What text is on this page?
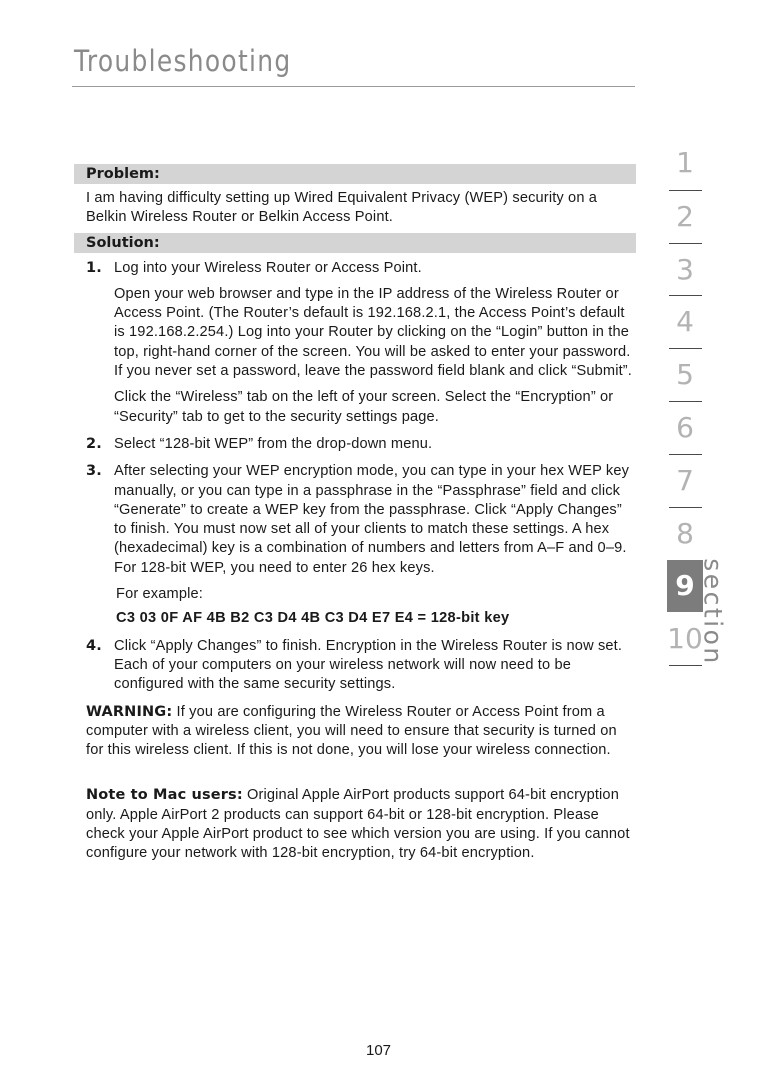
Troubleshooting
Problem:
I am having difficulty setting up Wired Equivalent Privacy (WEP) security on a Belkin Wireless Router or Belkin Access Point.
Solution:
1. Log into your Wireless Router or Access Point.

Open your web browser and type in the IP address of the Wireless Router or Access Point. (The Router’s default is 192.168.2.1, the Access Point’s default is 192.168.2.254.) Log into your Router by clicking on the “Login” button in the top, right-hand corner of the screen. You will be asked to enter your password. If you never set a password, leave the password field blank and click “Submit”.

Click the “Wireless” tab on the left of your screen. Select the “Encryption” or “Security” tab to get to the security settings page.

2. Select “128-bit WEP” from the drop-down menu.

3. After selecting your WEP encryption mode, you can type in your hex WEP key manually, or you can type in a passphrase in the “Passphrase” field and click “Generate” to create a WEP key from the passphrase. Click “Apply Changes” to finish. You must now set all of your clients to match these settings. A hex (hexadecimal) key is a combination of numbers and letters from A–F and 0–9. For 128-bit WEP, you need to enter 26 hex keys.

For example:
C3 03 0F AF 4B B2 C3 D4 4B C3 D4 E7 E4 = 128-bit key
4. Click “Apply Changes” to finish. Encryption in the Wireless Router is now set. Each of your computers on your wireless network will now need to be configured with the same security settings.

WARNING: If you are configuring the Wireless Router or Access Point from a computer with a wireless client, you will need to ensure that security is turned on for this wireless client. If this is not done, you will lose your wireless connection.
Note to Mac users: Original Apple AirPort products support 64-bit encryption only. Apple AirPort 2 products can support 64-bit or 128-bit encryption. Please check your Apple AirPort product to see which version you are using. If you cannot configure your network with 128-bit encryption, try 64-bit encryption.
107
1
2
3
4
5
6
7
8
9
10
section
